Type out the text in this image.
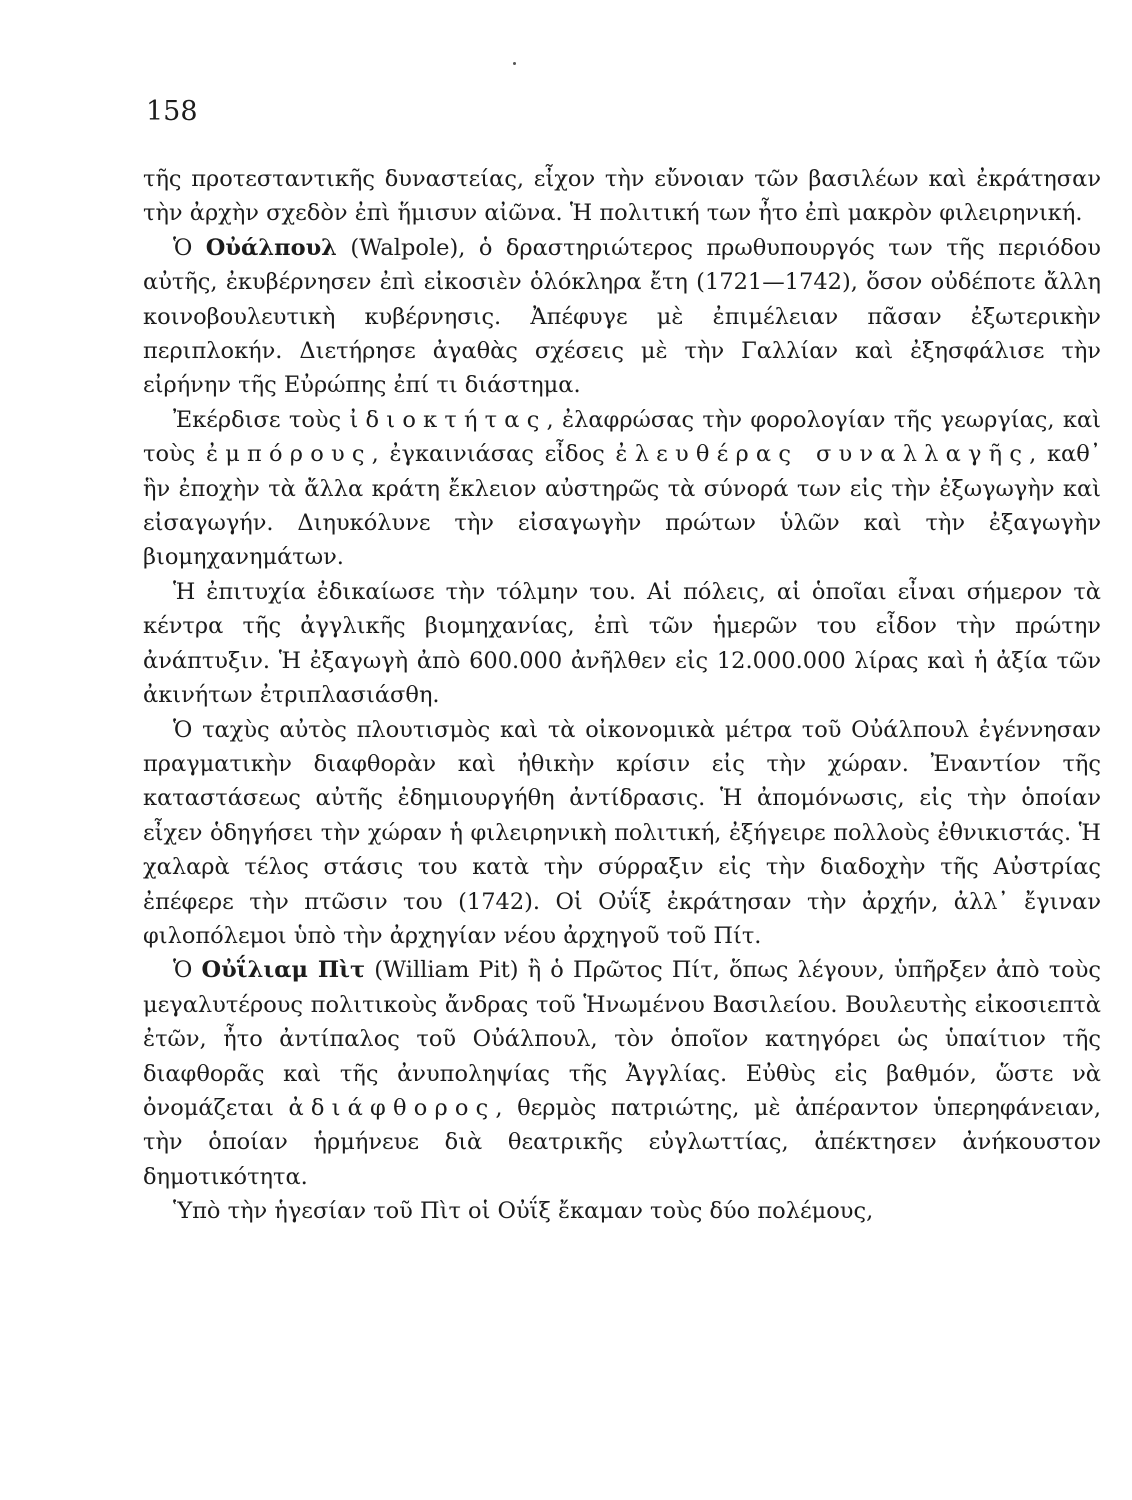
158

τῆς προτεσταντικῆς δυναστείας, εἶχον τὴν εὔνοιαν τῶν βασιλέων καὶ ἐκράτησαν τὴν ἀρχὴν σχεδὸν ἐπὶ ἥμισυν αἰῶνα. Ἡ πολιτική των ἦτο ἐπὶ μακρὸν φιλειρηνική.

Ὁ Οὐάλπουλ (Walpole), ὁ δραστηριώτερος πρωθυπουργός των τῆς περιόδου αὐτῆς, ἐκυβέρνησεν ἐπὶ εἰκοσιὲν ὁλόκληρα ἔτη (1721—1742), ὅσον οὐδέποτε ἄλλη κοινοβουλευτικὴ κυβέρνησις. Ἀπέφυγε μὲ ἐπιμέλειαν πᾶσαν ἐξωτερικὴν περιπλοκήν. Διετήρησε ἀγαθὰς σχέσεις μὲ τὴν Γαλλίαν καὶ ἐξησφάλισε τὴν εἰρήνην τῆς Εὐρώπης ἐπί τι διάστημα.

Ἐκέρδισε τοὺς ἰδιοκτήτας, ἐλαφρώσας τὴν φορολογίαν τῆς γεωργίας, καὶ τοὺς ἐμπόρους, ἐγκαινιάσας εἶδος ἐλευθέρας συναλλαγῆς, καθ᾽ ἣν ἐποχὴν τὰ ἄλλα κράτη ἔκλειον αὐστηρῶς τὰ σύνορά των εἰς τὴν ἐξωγωγὴν καὶ εἰσαγωγήν. Διηυκόλυνε τὴν εἰσαγωγὴν πρώτων ὑλῶν καὶ τὴν ἐξαγωγὴν βιομηχανημάτων.

Ἡ ἐπιτυχία ἐδικαίωσε τὴν τόλμην του. Αἱ πόλεις, αἱ ὁποῖαι εἶναι σήμερον τὰ κέντρα τῆς ἀγγλικῆς βιομηχανίας, ἐπὶ τῶν ἡμερῶν του εἶδον τὴν πρώτην ἀνάπτυξιν. Ἡ ἐξαγωγὴ ἀπὸ 600.000 ἀνῆλθεν εἰς 12.000.000 λίρας καὶ ἡ ἀξία τῶν ἀκινήτων ἐτριπλασιάσθη.

Ὁ ταχὺς αὐτὸς πλουτισμὸς καὶ τὰ οἰκονομικὰ μέτρα τοῦ Οὐάλπουλ ἐγέννησαν πραγματικὴν διαφθορὰν καὶ ἠθικὴν κρίσιν εἰς τὴν χώραν. Ἐναντίον τῆς καταστάσεως αὐτῆς ἐδημιουργήθη ἀντίδρασις. Ἡ ἀπομόνωσις, εἰς τὴν ὁποίαν εἶχεν ὁδηγήσει τὴν χώραν ἡ φιλειρηνικὴ πολιτική, ἐξήγειρε πολλοὺς ἐθνικιστάς. Ἡ χαλαρὰ τέλος στάσις του κατὰ τὴν σύρραξιν εἰς τὴν διαδοχὴν τῆς Αὐστρίας ἐπέφερε τὴν πτῶσιν του (1742). Οἱ Οὐΐξ ἐκράτησαν τὴν ἀρχήν, ἀλλ᾽ ἔγιναν φιλοπόλεμοι ὑπὸ τὴν ἀρχηγίαν νέου ἀρχηγοῦ τοῦ Πίτ.

Ὁ Οὐΐλιαμ Πὶτ (William Pit) ἢ ὁ Πρῶτος Πίτ, ὅπως λέγουν, ὑπῆρξεν ἀπὸ τοὺς μεγαλυτέρους πολιτικοὺς ἄνδρας τοῦ Ἡνωμένου Βασιλείου. Βουλευτὴς εἰκοσιεπτὰ ἐτῶν, ἦτο ἀντίπαλος τοῦ Οὐάλπουλ, τὸν ὁποῖον κατηγόρει ὡς ὑπαίτιον τῆς διαφθορᾶς καὶ τῆς ἀνυποληψίας τῆς Ἀγγλίας. Εὐθὺς εἰς βαθμόν, ὥστε νὰ ὀνομάζεται ἀδιάφθορος, θερμὸς πατριώτης, μὲ ἀπέραντον ὑπερηφάνειαν, τὴν ὁποίαν ἡρμήνευε διὰ θεατρικῆς εὐγλωττίας, ἀπέκτησεν ἀνήκουστον δημοτικότητα.

Ὑπὸ τὴν ἡγεσίαν τοῦ Πὶτ οἱ Οὐΐξ ἔκαμαν τοὺς δύο πολέμους,
